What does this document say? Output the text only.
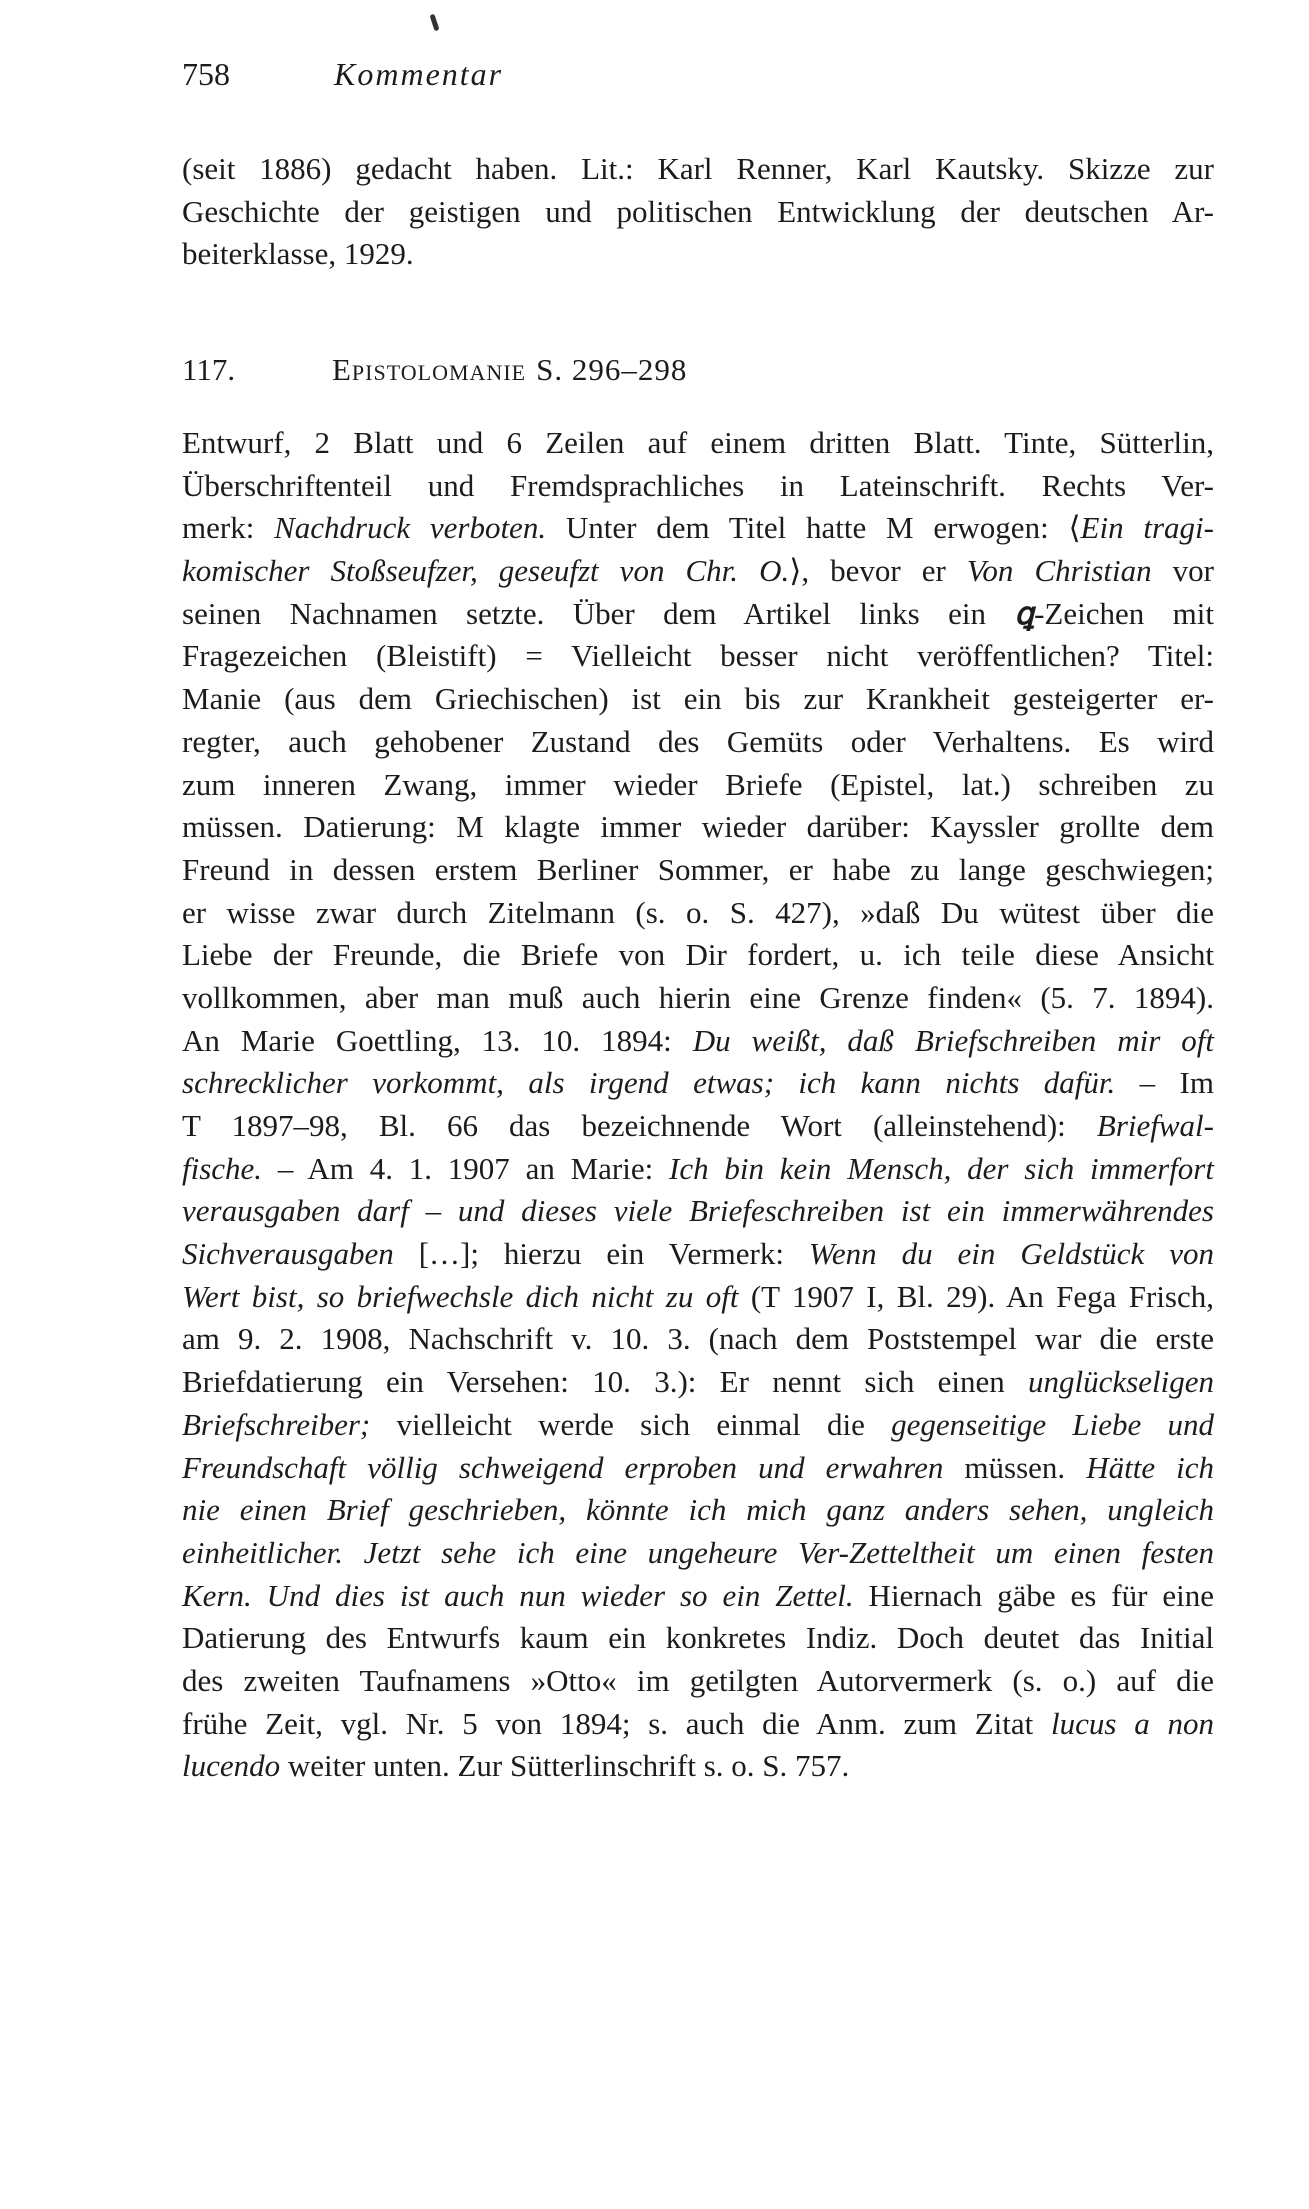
758	Kommentar
(seit 1886) gedacht haben. Lit.: Karl Renner, Karl Kautsky. Skizze zur
Geschichte der geistigen und politischen Entwicklung der deutschen Ar-
beiterklasse, 1929.
117.	Epistolomanie S. 296–298
Entwurf, 2 Blatt und 6 Zeilen auf einem dritten Blatt. Tinte, Sütterlin,
Überschriftenteil und Fremdsprachliches in Lateinschrift. Rechts Ver-
merk: Nachdruck verboten. Unter dem Titel hatte M erwogen: ⟨Ein tragi-
komischer Stoßseufzer, geseufzt von Chr. O.⟩, bevor er Von Christian vor
seinen Nachnamen setzte. Über dem Artikel links ein ꝗ-Zeichen mit
Fragezeichen (Bleistift) = Vielleicht besser nicht veröffentlichen? Titel:
Manie (aus dem Griechischen) ist ein bis zur Krankheit gesteigerter er-
regter, auch gehobener Zustand des Gemüts oder Verhaltens. Es wird
zum inneren Zwang, immer wieder Briefe (Epistel, lat.) schreiben zu
müssen. Datierung: M klagte immer wieder darüber: Kayssler grollte dem
Freund in dessen erstem Berliner Sommer, er habe zu lange geschwiegen;
er wisse zwar durch Zitelmann (s. o. S. 427), »daß Du wütest über die
Liebe der Freunde, die Briefe von Dir fordert, u. ich teile diese Ansicht
vollkommen, aber man muß auch hierin eine Grenze finden« (5. 7. 1894).
An Marie Goettling, 13. 10. 1894: Du weißt, daß Briefschreiben mir oft
schrecklicher vorkommt, als irgend etwas; ich kann nichts dafür. – Im
T 1897–98, Bl. 66 das bezeichnende Wort (alleinstehend): Briefwal-
fische. – Am 4. 1. 1907 an Marie: Ich bin kein Mensch, der sich immerfort
verausgaben darf – und dieses viele Briefeschreiben ist ein immerwährendes
Sichverausgaben […]; hierzu ein Vermerk: Wenn du ein Geldstück von
Wert bist, so briefwechsle dich nicht zu oft (T 1907 I, Bl. 29). An Fega Frisch,
am 9. 2. 1908, Nachschrift v. 10. 3. (nach dem Poststempel war die erste
Briefdatierung ein Versehen: 10. 3.): Er nennt sich einen unglückseligen
Briefschreiber; vielleicht werde sich einmal die gegenseitige Liebe und
Freundschaft völlig schweigend erproben und erwahren müssen. Hätte ich
nie einen Brief geschrieben, könnte ich mich ganz anders sehen, ungleich
einheitlicher. Jetzt sehe ich eine ungeheure Ver-Zetteltheit um einen festen
Kern. Und dies ist auch nun wieder so ein Zettel. Hiernach gäbe es für eine
Datierung des Entwurfs kaum ein konkretes Indiz. Doch deutet das Initial
des zweiten Taufnamens »Otto« im getilgten Autorvermerk (s. o.) auf die
frühe Zeit, vgl. Nr. 5 von 1894; s. auch die Anm. zum Zitat lucus a non
lucendo weiter unten. Zur Sütterlinschrift s. o. S. 757.
